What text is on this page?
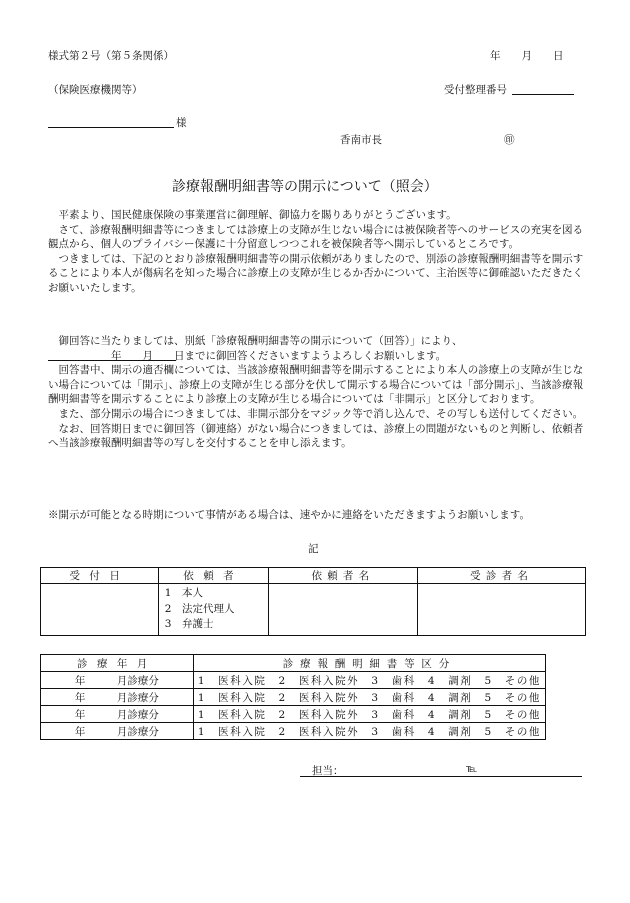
様式第２号（第５条関係）	年　　月　　日
（保険医療機関等）	受付整理番号
様
香南市長	㊞
診療報酬明細書等の開示について（照会）

　平素より、国民健康保険の事業運営に御理解、御協力を賜りありがとうございます。

　さて、診療報酬明細書等につきましては診療上の支障が生じない場合には被保険者等へのサービスの充実を図る観点から、個人のプライバシー保護に十分留意しつつこれを被保険者等へ開示しているところです。

　つきましては、下記のとおり診療報酬明細書等の開示依頼がありましたので、別添の診療報酬明細書等を開示することにより本人が傷病名を知った場合に診療上の支障が生じるか否かについて、主治医等に御確認いただきたくお願いいたします。

　御回答に当たりましては、別紙「診療報酬明細書等の開示について（回答）」により、

　　　　　　年　　月　　日までに御回答くださいますようよろしくお願いします。

　回答書中、開示の適否欄については、当該診療報酬明細書等を開示することにより本人の診療上の支障が生じない場合については「開示」、診療上の支障が生じる部分を伏して開示する場合については「部分開示」、当該診療報酬明細書等を開示することにより診療上の支障が生じる場合については「非開示」と区分しております。

　また、部分開示の場合につきましては、非開示部分をマジック等で消し込んで、その写しも送付してください。

　なお、回答期日までに御回答（御連絡）がない場合につきましては、診療上の問題がないものと判断し、依頼者へ当該診療報酬明細書等の写しを交付することを申し添えます。

※開示が可能となる時期について事情がある場合は、速やかに連絡をいただきますようお願いします。
記
受付日	依頼者	依頼者名	受診者名

	1　本人
2　法定代理人
3　弁護士		

診療年月	診療報酬明細書等区分
年　　　月診療分	1　医科入院　2　医科入院外　3　歯科　4　調剤　5　その他
年　　　月診療分	1　医科入院　2　医科入院外　3　歯科　4　調剤　5　その他
年　　　月診療分	1　医科入院　2　医科入院外　3　歯科　4　調剤　5　その他
年　　　月診療分	1　医科入院　2　医科入院外　3　歯科　4　調剤　5　その他
担当：	℡
